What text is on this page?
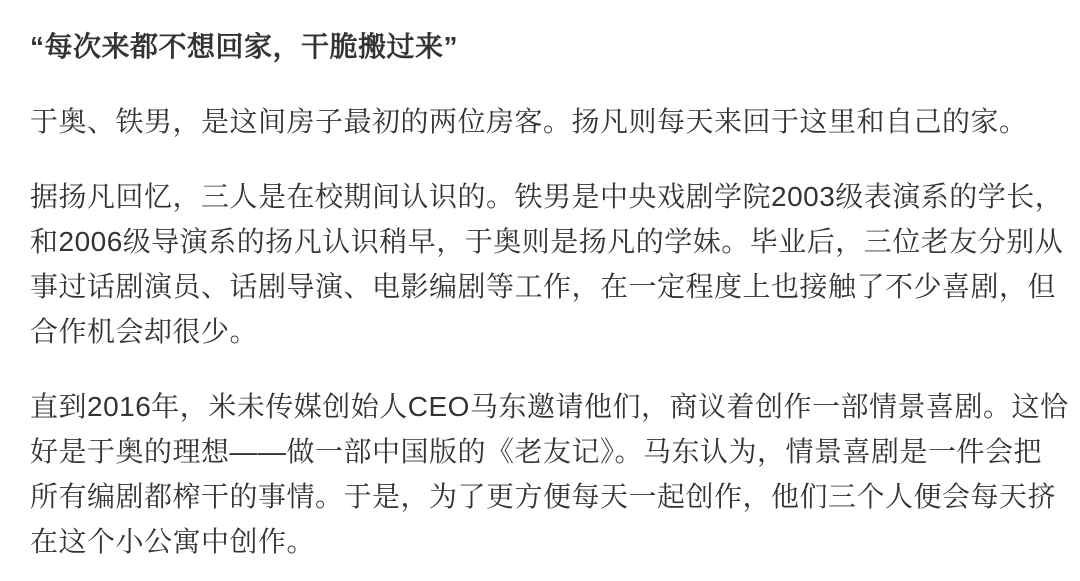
“每次来都不想回家，干脆搬过来”
于奥、铁男，是这间房子最初的两位房客。扬凡则每天来回于这里和自己的家。
据扬凡回忆，三人是在校期间认识的。铁男是中央戏剧学院2003级表演系的学长，
和2006级导演系的扬凡认识稍早，于奥则是扬凡的学妹。毕业后，三位老友分别从
事过话剧演员、话剧导演、电影编剧等工作，在一定程度上也接触了不少喜剧，但
合作机会却很少。
直到2016年，米未传媒创始人CEO马东邀请他们，商议着创作一部情景喜剧。这恰
好是于奥的理想——做一部中国版的《老友记》。马东认为，情景喜剧是一件会把
所有编剧都榨干的事情。于是，为了更方便每天一起创作，他们三个人便会每天挤
在这个小公寓中创作。
